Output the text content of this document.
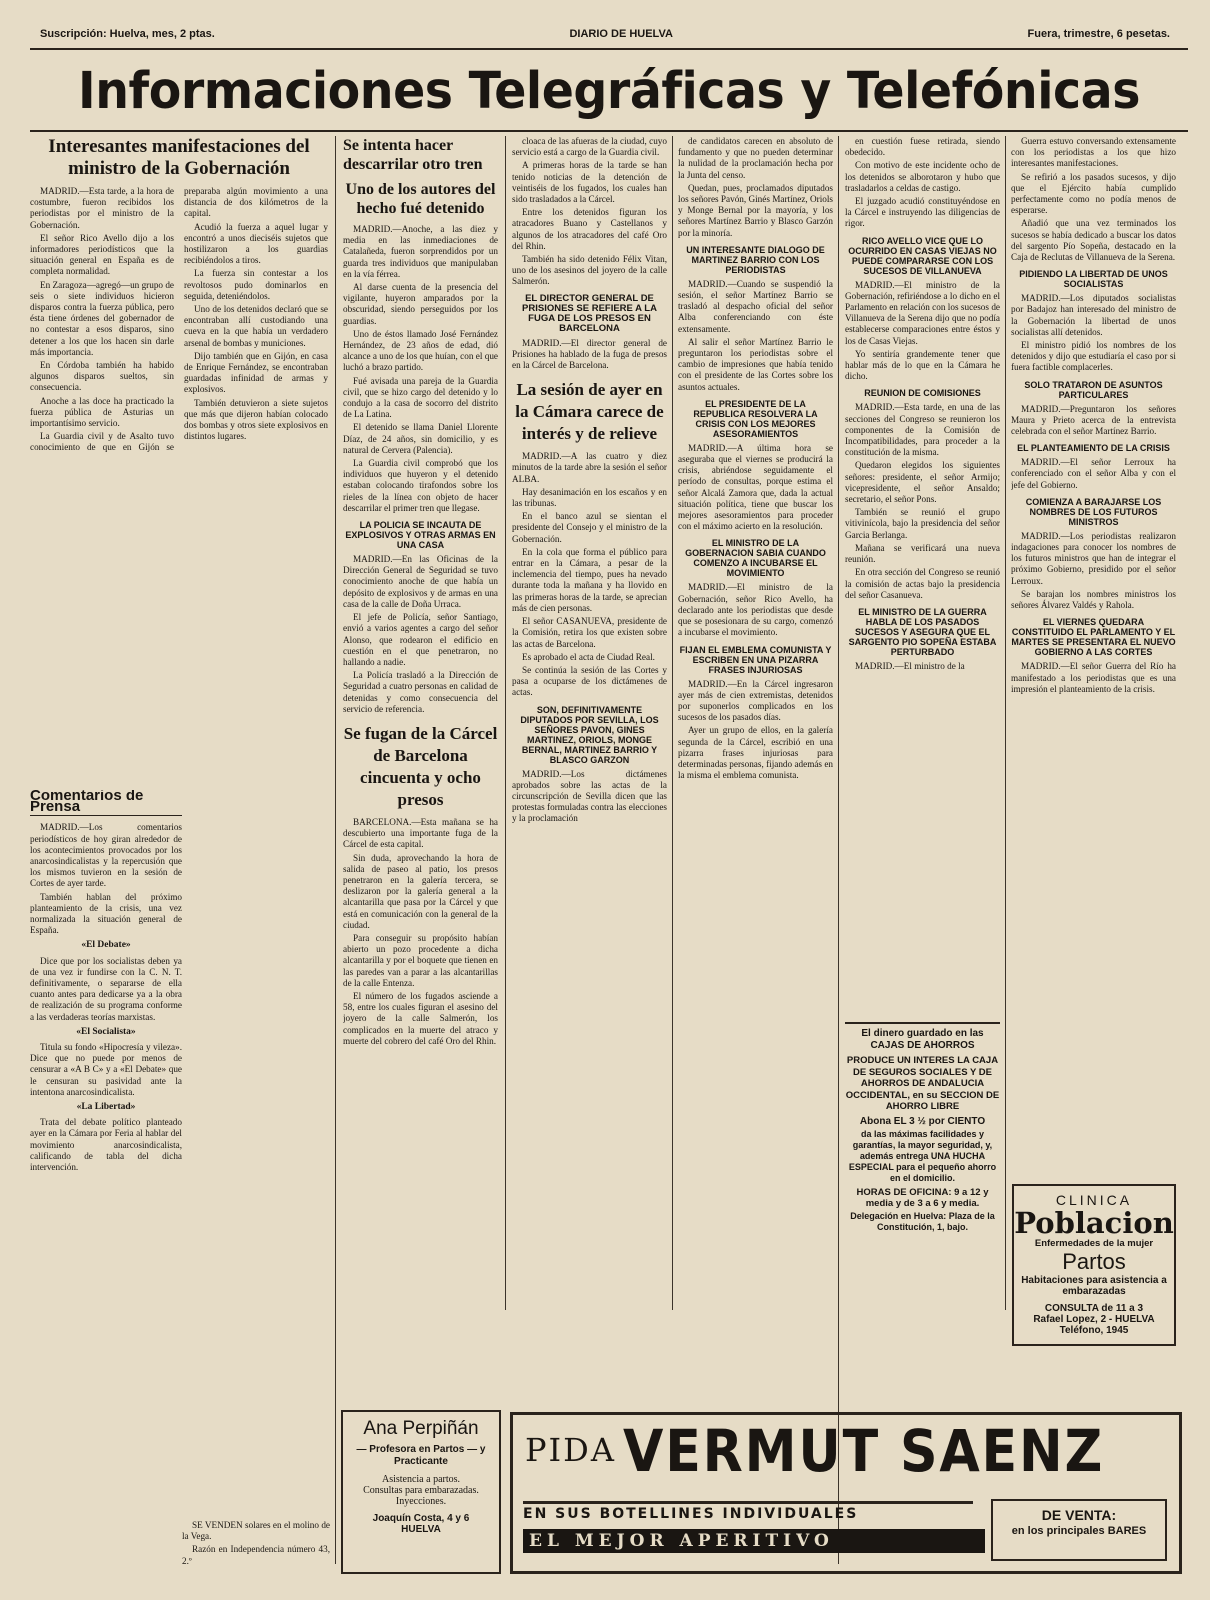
Suscripción: Huelva, mes, 2 ptas.	DIARIO DE HUELVA	Fuera, trimestre, 6 pesetas.
Informaciones Telegráficas y Telefónicas
Interesantes manifestaciones del ministro de la Gobernación

MADRID.—Esta tarde, a la hora de costumbre, fueron recibidos los periodistas por el ministro de la Gobernación.

El señor Rico Avello dijo a los informadores periodísticos que la situación general en España es de completa normalidad.

En Zaragoza—agregó—un grupo de seis o siete individuos hicieron disparos contra la fuerza pública, pero ésta tiene órdenes del gobernador de no contestar a esos disparos, sino detener a los que los hacen sin darle más importancia.

En Córdoba también ha habido algunos disparos sueltos, sin consecuencia.

Anoche a las doce ha practicado la fuerza pública de Asturias un importantísimo servicio.

La Guardia civil y de Asalto tuvo conocimiento de que en Gijón se preparaba algún movimiento a una distancia de dos kilómetros de la capital.

Acudió la fuerza a aquel lugar y encontró a unos dieciséis sujetos que hostilizaron a los guardias recibiéndolos a tiros.

La fuerza sin contestar a los revoltosos pudo dominarlos en seguida, deteniéndolos.

Uno de los detenidos declaró que se encontraban allí custodiando una cueva en la que había un verdadero arsenal de bombas y municiones.

Dijo también que en Gijón, en casa de Enrique Fernández, se encontraban guardadas infinidad de armas y explosivos.

También detuvieron a siete sujetos que más que dijeron habían colocado dos bombas y otros siete explosivos en distintos lugares.

Comentarios de Prensa

MADRID.—Los comentarios periodísticos de hoy giran alrededor de los acontecimientos provocados por los anarcosindicalistas y la repercusión que los mismos tuvieron en la sesión de Cortes de ayer tarde.

También hablan del próximo planteamiento de la crisis, una vez normalizada la situación general de España.

«El Debate»

Dice que por los socialistas deben ya de una vez ir fundirse con la C. N. T. definitivamente, o separarse de ella cuanto antes para dedicarse ya a la obra de realización de su programa conforme a las verdaderas teorías marxistas.

«El Socialista»

Titula su fondo «Hipocresía y vileza». Dice que no puede por menos de censurar a «A B C» y a «El Debate» que le censuran su pasividad ante la intentona anarcosindicalista.

«La Libertad»

Trata del debate político planteado ayer en la Cámara por Feria al hablar del movimiento anarcosindicalista, calificando de tabla del dicha intervención.

Se intenta hacer descarrilar otro tren
Uno de los autores del hecho fué detenido

MADRID.—Anoche, a las diez y media en las inmediaciones de Catalañeda, fueron sorprendidos por un guarda tres individuos que manipulaban en la vía férrea.

Al darse cuenta de la presencia del vigilante, huyeron amparados por la obscuridad, siendo perseguidos por los guardias.

Uno de éstos llamado José Fernández Hernández, de 23 años de edad, dió alcance a uno de los que huían, con el que luchó a brazo partido.

Fué avisada una pareja de la Guardia civil, que se hizo cargo del detenido y lo condujo a la casa de socorro del distrito de La Latina.

El detenido se llama Daniel Llorente Díaz, de 24 años, sin domicilio, y es natural de Cervera (Palencia).

La Guardia civil comprobó que los individuos que huyeron y el detenido estaban colocando tirafondos sobre los rieles de la línea con objeto de hacer descarrilar el primer tren que llegase.

LA POLICIA SE INCAUTA DE EXPLOSIVOS Y OTRAS ARMAS EN UNA CASA

MADRID.—En las Oficinas de la Dirección General de Seguridad se tuvo conocimiento anoche de que había un depósito de explosivos y de armas en una casa de la calle de Doña Urraca.

El jefe de Policía, señor Santiago, envió a varios agentes a cargo del señor Alonso, que rodearon el edificio en cuestión en el que penetraron, no hallando a nadie.

La Policía trasladó a la Dirección de Seguridad a cuatro personas en calidad de detenidas y como consecuencia del servicio de referencia.

Se fugan de la Cárcel de Barcelona cincuenta y ocho presos

BARCELONA.—Esta mañana se ha descubierto una importante fuga de la Cárcel de esta capital.

Sin duda, aprovechando la hora de salida de paseo al patio, los presos penetraron en la galería tercera, se deslizaron por la galería general a la alcantarilla que pasa por la Cárcel y que está en comunicación con la general de la ciudad.

Para conseguir su propósito habían abierto un pozo procedente a dicha alcantarilla y por el boquete que tienen en las paredes van a parar a las alcantarillas de la calle Entenza.

El número de los fugados asciende a 58, entre los cuales figuran el asesino del joyero de la calle Salmerón, los complicados en la muerte del atraco y muerte del cobrero del café Oro del Rhin.

cloaca de las afueras de la ciudad, cuyo servicio está a cargo de la Guardia civil.

A primeras horas de la tarde se han tenido noticias de la detención de veintiséis de los fugados, los cuales han sido trasladados a la Cárcel.

Entre los detenidos figuran los atracadores Buano y Castellanos y algunos de los atracadores del café Oro del Rhin.

También ha sido detenido Félix Vitan, uno de los asesinos del joyero de la calle Salmerón.

EL DIRECTOR GENERAL DE PRISIONES SE REFIERE A LA FUGA DE LOS PRESOS EN BARCELONA

MADRID.—El director general de Prisiones ha hablado de la fuga de presos en la Cárcel de Barcelona.

La sesión de ayer en la Cámara carece de interés y de relieve

MADRID.—A las cuatro y diez minutos de la tarde abre la sesión el señor ALBA.

Hay desanimación en los escaños y en las tribunas.

En el banco azul se sientan el presidente del Consejo y el ministro de la Gobernación.

En la cola que forma el público para entrar en la Cámara, a pesar de la inclemencia del tiempo, pues ha nevado durante toda la mañana y ha llovido en las primeras horas de la tarde, se aprecian más de cien personas.

El señor CASANUEVA, presidente de la Comisión, retira los que existen sobre las actas de Barcelona.

Es aprobado el acta de Ciudad Real.

Se continúa la sesión de las Cortes y pasa a ocuparse de los dictámenes de actas.

SON, DEFINITIVAMENTE DIPUTADOS POR SEVILLA, LOS SEÑORES PAVON, GINES MARTINEZ, ORIOLS, MONGE BERNAL, MARTINEZ BARRIO Y BLASCO GARZON

MADRID.—Los dictámenes aprobados sobre las actas de la circunscripción de Sevilla dicen que las protestas formuladas contra las elecciones y la proclamación

de candidatos carecen en absoluto de fundamento y que no pueden determinar la nulidad de la proclamación hecha por la Junta del censo.

Quedan, pues, proclamados diputados los señores Pavón, Ginés Martínez, Oriols y Monge Bernal por la mayoría, y los señores Martínez Barrio y Blasco Garzón por la minoría.

UN INTERESANTE DIALOGO DE MARTINEZ BARRIO CON LOS PERIODISTAS

MADRID.—Cuando se suspendió la sesión, el señor Martínez Barrio se trasladó al despacho oficial del señor Alba conferenciando con éste extensamente.

Al salir el señor Martínez Barrio le preguntaron los periodistas sobre el cambio de impresiones que había tenido con el presidente de las Cortes sobre los asuntos actuales.

EL PRESIDENTE DE LA REPUBLICA RESOLVERA LA CRISIS CON LOS MEJORES ASESORAMIENTOS

MADRID.—A última hora se aseguraba que el viernes se producirá la crisis, abriéndose seguidamente el período de consultas, porque estima el señor Alcalá Zamora que, dada la actual situación política, tiene que buscar los mejores asesoramientos para proceder con el máximo acierto en la resolución.

EL MINISTRO DE LA GOBERNACION SABIA CUANDO COMENZO A INCUBARSE EL MOVIMIENTO

MADRID.—El ministro de la Gobernación, señor Rico Avello, ha declarado ante los periodistas que desde que se posesionara de su cargo, comenzó a incubarse el movimiento.

FIJAN EL EMBLEMA COMUNISTA Y ESCRIBEN EN UNA PIZARRA FRASES INJURIOSAS

MADRID.—En la Cárcel ingresaron ayer más de cien extremistas, detenidos por suponerlos complicados en los sucesos de los pasados días.

Ayer un grupo de ellos, en la galería segunda de la Cárcel, escribió en una pizarra frases injuriosas para determinadas personas, fijando además en la misma el emblema comunista.

en cuestión fuese retirada, siendo obedecido.

Con motivo de este incidente ocho de los detenidos se alborotaron y hubo que trasladarlos a celdas de castigo.

El juzgado acudió constituyéndose en la Cárcel e instruyendo las diligencias de rigor.

RICO AVELLO VICE QUE LO OCURRIDO EN CASAS VIEJAS NO PUEDE COMPARARSE CON LOS SUCESOS DE VILLANUEVA

MADRID.—El ministro de la Gobernación, refiriéndose a lo dicho en el Parlamento en relación con los sucesos de Villanueva de la Serena dijo que no podía establecerse comparaciones entre éstos y los de Casas Viejas.

Yo sentiría grandemente tener que hablar más de lo que en la Cámara he dicho.

REUNION DE COMISIONES

MADRID.—Esta tarde, en una de las secciones del Congreso se reunieron los componentes de la Comisión de Incompatibilidades, para proceder a la constitución de la misma.

Quedaron elegidos los siguientes señores: presidente, el señor Armijo; vicepresidente, el señor Ansaldo; secretario, el señor Pons.

También se reunió el grupo vitivinícola, bajo la presidencia del señor Garcia Berlanga.

Mañana se verificará una nueva reunión.

En otra sección del Congreso se reunió la comisión de actas bajo la presidencia del señor Casanueva.

EL MINISTRO DE LA GUERRA HABLA DE LOS PASADOS SUCESOS Y ASEGURA QUE EL SARGENTO PIO SOPEÑA ESTABA PERTURBADO

MADRID.—El ministro de la

El dinero guardado en las CAJAS DE AHORROS
PRODUCE UN INTERES LA CAJA DE SEGUROS SOCIALES Y DE AHORROS DE ANDALUCIA OCCIDENTAL, en su SECCION DE AHORRO LIBRE
Abona EL 3 ½ por CIENTO
da las máximas facilidades y garantías, la mayor seguridad, y, además entrega UNA HUCHA ESPECIAL para el pequeño ahorro en el domicilio.
HORAS DE OFICINA: 9 a 12 y media y de 3 a 6 y media.
Delegación en Huelva: Plaza de la Constitución, 1, bajo.

Guerra estuvo conversando extensamente con los periodistas a los que hizo interesantes manifestaciones.

Se refirió a los pasados sucesos, y dijo que el Ejército había cumplido perfectamente como no podía menos de esperarse.

Añadió que una vez terminados los sucesos se había dedicado a buscar los datos del sargento Pío Sopeña, destacado en la Caja de Reclutas de Villanueva de la Serena.

PIDIENDO LA LIBERTAD DE UNOS SOCIALISTAS

MADRID.—Los diputados socialistas por Badajoz han interesado del ministro de la Gobernación la libertad de unos socialistas allí detenidos.

El ministro pidió los nombres de los detenidos y dijo que estudiaría el caso por si fuera factible complacerles.

SOLO TRATARON DE ASUNTOS PARTICULARES

MADRID.—Preguntaron los señores Maura y Prieto acerca de la entrevista celebrada con el señor Martínez Barrio.

EL PLANTEAMIENTO DE LA CRISIS

MADRID.—El señor Lerroux ha conferenciado con el señor Alba y con el jefe del Gobierno.

COMIENZA A BARAJARSE LOS NOMBRES DE LOS FUTUROS MINISTROS

MADRID.—Los periodistas realizaron indagaciones para conocer los nombres de los futuros ministros que han de integrar el próximo Gobierno, presidido por el señor Lerroux.

Se barajan los nombres ministros los señores Álvarez Valdés y Rahola.

EL VIERNES QUEDARA CONSTITUIDO EL PARLAMENTO Y EL MARTES SE PRESENTARA EL NUEVO GOBIERNO A LAS CORTES

MADRID.—El señor Guerra del Río ha manifestado a los periodistas que es una impresión el planteamiento de la crisis.

CLINICA
Poblacion
Enfermedades de la mujer
Partos
Habitaciones para asistencia a embarazadas
CONSULTA de 11 a 3
Rafael Lopez, 2 - HUELVA
Teléfono, 1945
Ana Perpiñán
— Profesora en Partos — y Practicante
Asistencia a partos.
Consultas para embarazadas.
Inyecciones.
Joaquín Costa, 4 y 6
HUELVA

SE VENDEN solares en el molino de la Vega.

Razón en Independencia número 43, 2.º

PIDA VERMUT SAENZ
EN SUS BOTELLINES INDIVIDUALES
EL MEJOR APERITIVO
DE VENTA:
en los principales BARES
